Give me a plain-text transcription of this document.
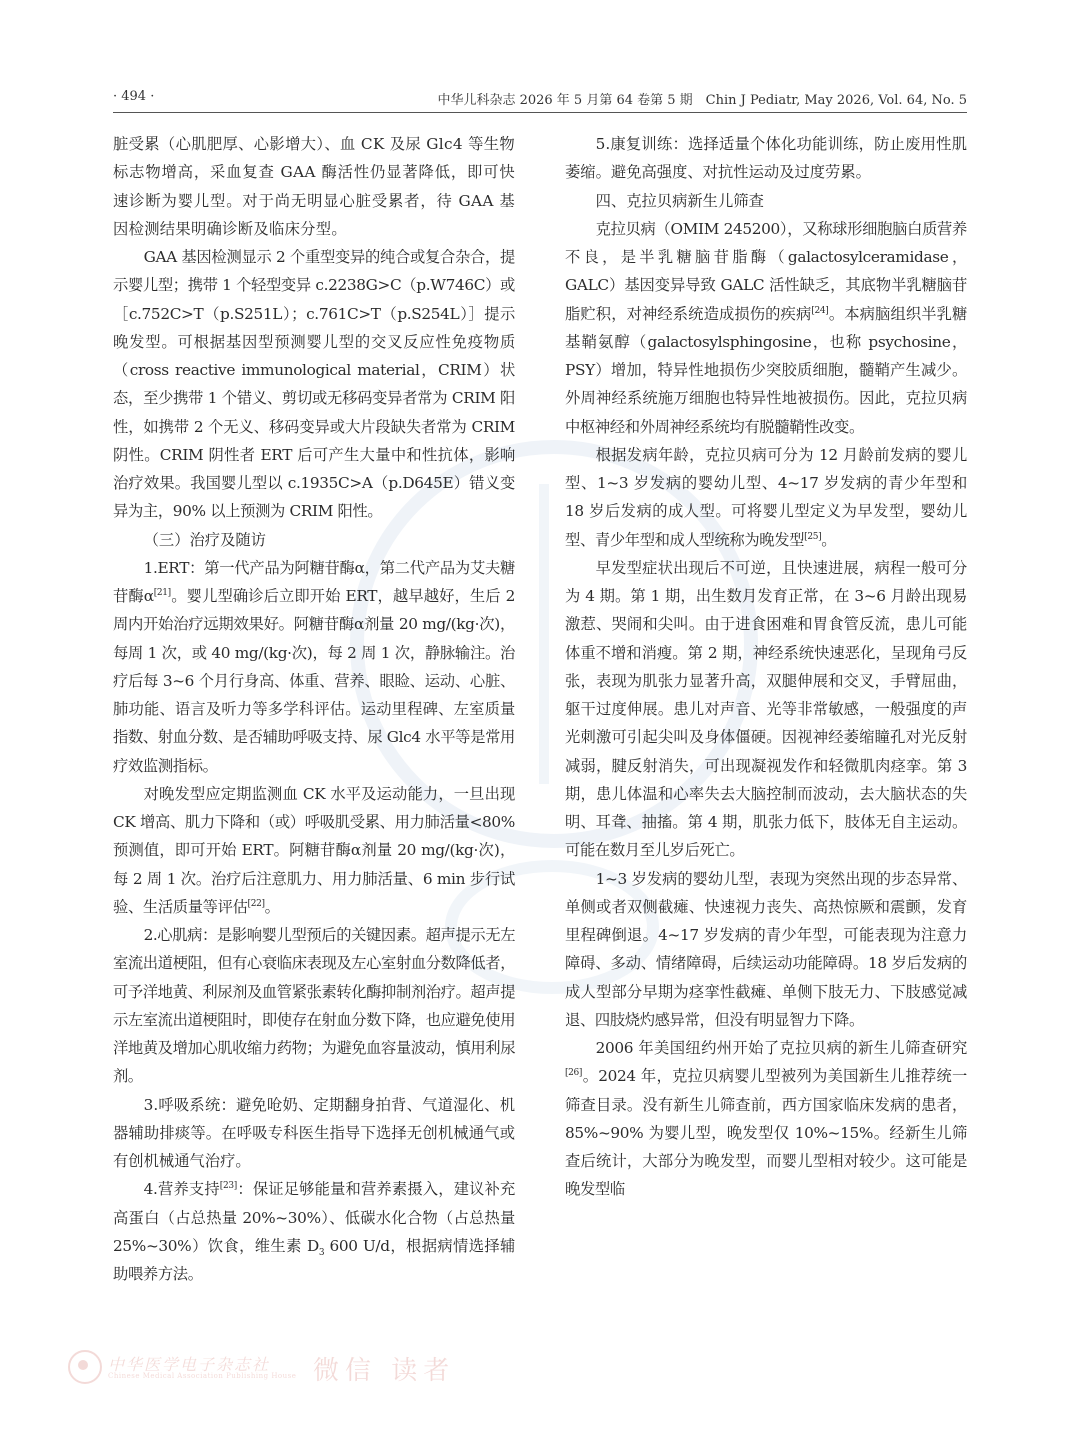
· 494 ·	中华儿科杂志 2026 年 5 月第 64 卷第 5 期　Chin J Pediatr, May 2026, Vol. 64, No. 5

脏受累（心肌肥厚、心影增大）、血 CK 及尿 Glc4 等生物标志物增高，采血复查 GAA 酶活性仍显著降低，即可快速诊断为婴儿型。对于尚无明显心脏受累者，待 GAA 基因检测结果明确诊断及临床分型。

GAA 基因检测显示 2 个重型变异的纯合或复合杂合，提示婴儿型；携带 1 个轻型变异 c.2238G>C（p.W746C）或［c.752C>T（p.S251L）；c.761C>T（p.S254L）］提示晚发型。可根据基因型预测婴儿型的交叉反应性免疫物质（cross reactive immunological material，CRIM）状态，至少携带 1 个错义、剪切或无移码变异者常为 CRIM 阳性，如携带 2 个无义、移码变异或大片段缺失者常为 CRIM 阴性。CRIM 阴性者 ERT 后可产生大量中和性抗体，影响治疗效果。我国婴儿型以 c.1935C>A（p.D645E）错义变异为主，90% 以上预测为 CRIM 阳性。

（三）治疗及随访

1.ERT：第一代产品为阿糖苷酶α，第二代产品为艾夫糖苷酶α[21]。婴儿型确诊后立即开始 ERT，越早越好，生后 2 周内开始治疗远期效果好。阿糖苷酶α剂量 20 mg/(kg·次)，每周 1 次，或 40 mg/(kg·次)，每 2 周 1 次，静脉输注。治疗后每 3~6 个月行身高、体重、营养、眼睑、运动、心脏、肺功能、语言及听力等多学科评估。运动里程碑、左室质量指数、射血分数、是否辅助呼吸支持、尿 Glc4 水平等是常用疗效监测指标。

对晚发型应定期监测血 CK 水平及运动能力，一旦出现 CK 增高、肌力下降和（或）呼吸肌受累、用力肺活量<80% 预测值，即可开始 ERT。阿糖苷酶α剂量 20 mg/(kg·次)，每 2 周 1 次。治疗后注意肌力、用力肺活量、6 min 步行试验、生活质量等评估[22]。

2.心肌病：是影响婴儿型预后的关键因素。超声提示无左室流出道梗阻，但有心衰临床表现及左心室射血分数降低者，可予洋地黄、利尿剂及血管紧张素转化酶抑制剂治疗。超声提示左室流出道梗阻时，即使存在射血分数下降，也应避免使用洋地黄及增加心肌收缩力药物；为避免血容量波动，慎用利尿剂。

3.呼吸系统：避免呛奶、定期翻身拍背、气道湿化、机器辅助排痰等。在呼吸专科医生指导下选择无创机械通气或有创机械通气治疗。

4.营养支持[23]：保证足够能量和营养素摄入，建议补充高蛋白（占总热量 20%~30%）、低碳水化合物（占总热量 25%~30%）饮食，维生素 $D_3$ 600 U/d，根据病情选择辅助喂养方法。

5.康复训练：选择适量个体化功能训练，防止废用性肌萎缩。避免高强度、对抗性运动及过度劳累。

四、克拉贝病新生儿筛查

克拉贝病（OMIM 245200），又称球形细胞脑白质营养不良，是半乳糖脑苷脂酶（galactosylceramidase，GALC）基因变异导致 GALC 活性缺乏，其底物半乳糖脑苷脂贮积，对神经系统造成损伤的疾病[24]。本病脑组织半乳糖基鞘氨醇（galactosylsphingosine，也称 psychosine，PSY）增加，特异性地损伤少突胶质细胞，髓鞘产生减少。外周神经系统施万细胞也特异性地被损伤。因此，克拉贝病中枢神经和外周神经系统均有脱髓鞘性改变。

根据发病年龄，克拉贝病可分为 12 月龄前发病的婴儿型、1~3 岁发病的婴幼儿型、4~17 岁发病的青少年型和 18 岁后发病的成人型。可将婴儿型定义为早发型，婴幼儿型、青少年型和成人型统称为晚发型[25]。

早发型症状出现后不可逆，且快速进展，病程一般可分为 4 期。第 1 期，出生数月发育正常，在 3~6 月龄出现易激惹、哭闹和尖叫。由于进食困难和胃食管反流，患儿可能体重不增和消瘦。第 2 期，神经系统快速恶化，呈现角弓反张，表现为肌张力显著升高，双腿伸展和交叉，手臂屈曲，躯干过度伸展。患儿对声音、光等非常敏感，一般强度的声光刺激可引起尖叫及身体僵硬。因视神经萎缩瞳孔对光反射减弱，腱反射消失，可出现凝视发作和轻微肌肉痉挛。第 3 期，患儿体温和心率失去大脑控制而波动，去大脑状态的失明、耳聋、抽搐。第 4 期，肌张力低下，肢体无自主运动。可能在数月至儿岁后死亡。

1~3 岁发病的婴幼儿型，表现为突然出现的步态异常、单侧或者双侧截瘫、快速视力丧失、高热惊厥和震颤，发育里程碑倒退。4~17 岁发病的青少年型，可能表现为注意力障碍、多动、情绪障碍，后续运动功能障碍。18 岁后发病的成人型部分早期为痉挛性截瘫、单侧下肢无力、下肢感觉减退、四肢烧灼感异常，但没有明显智力下降。

2006 年美国纽约州开始了克拉贝病的新生儿筛查研究[26]。2024 年，克拉贝病婴儿型被列为美国新生儿推荐统一筛查目录。没有新生儿筛查前，西方国家临床发病的患者，85%~90% 为婴儿型，晚发型仅 10%~15%。经新生儿筛查后统计，大部分为晚发型，而婴儿型相对较少。这可能是晚发型临

中华医学电子杂志社
Chinese Medical Association Publishing House 微信 读者
